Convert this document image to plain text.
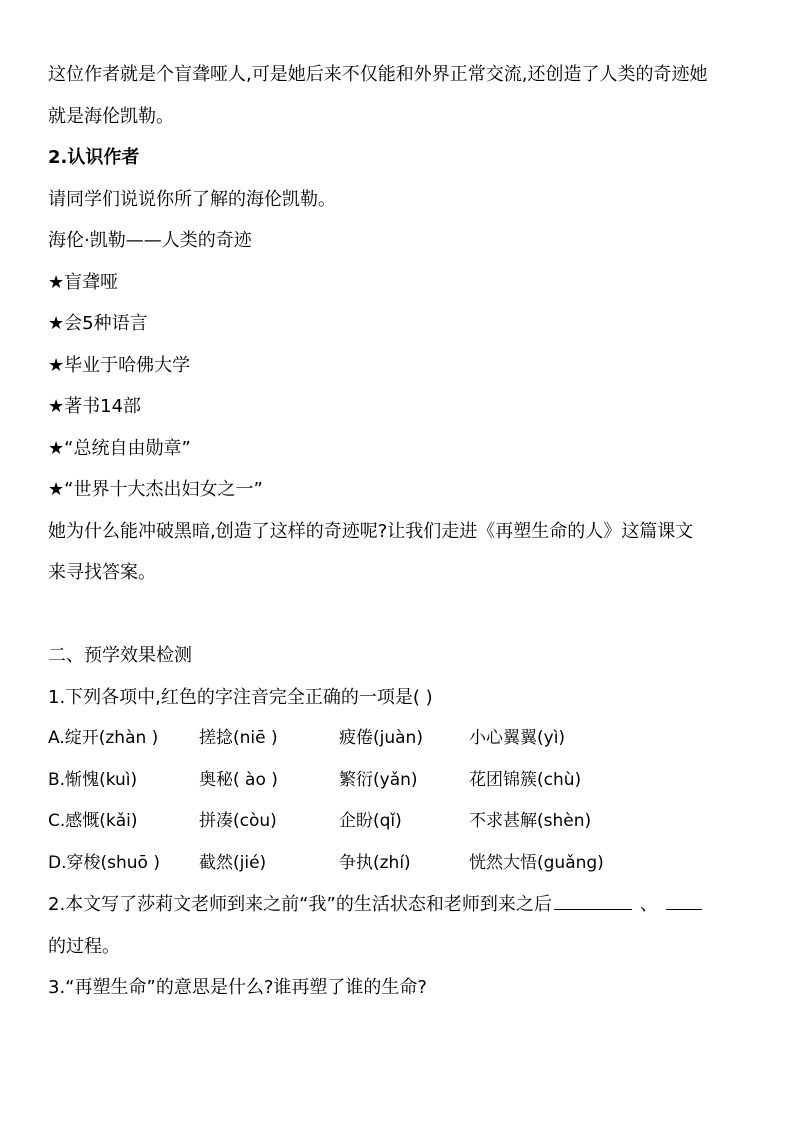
这位作者就是个盲聋哑人,可是她后来不仅能和外界正常交流,还创造了人类的奇迹她
就是海伦凯勒。
2.认识作者
请同学们说说你所了解的海伦凯勒。
海伦·凯勒——人类的奇迹
★盲聋哑
★会5种语言
★毕业于哈佛大学
★著书14部
★“总统自由勋章”
★“世界十大杰出妇女之一”
她为什么能冲破黑暗,创造了这样的奇迹呢?让我们走进《再塑生命的人》这篇课文
来寻找答案。
二、预学效果检测
1.下列各项中,红色的字注音完全正确的一项是( )
A.绽开(zhàn )	搓捻(niē )	疲倦(juàn)	小心翼翼(yì)
B.惭愧(kuì)	奥秘( ào )	繁衍(yǎn)	花团锦簇(chù)
C.感慨(kǎi)	拼凑(còu)	企盼(qǐ)	不求甚解(shèn)
D.穿梭(shuō )	截然(jié)	争执(zhí)	恍然大悟(guǎng)
2.本文写了莎莉文老师到来之前“我”的生活状态和老师到来之后	、
的过程。
3.“再塑生命”的意思是什么?谁再塑了谁的生命?
